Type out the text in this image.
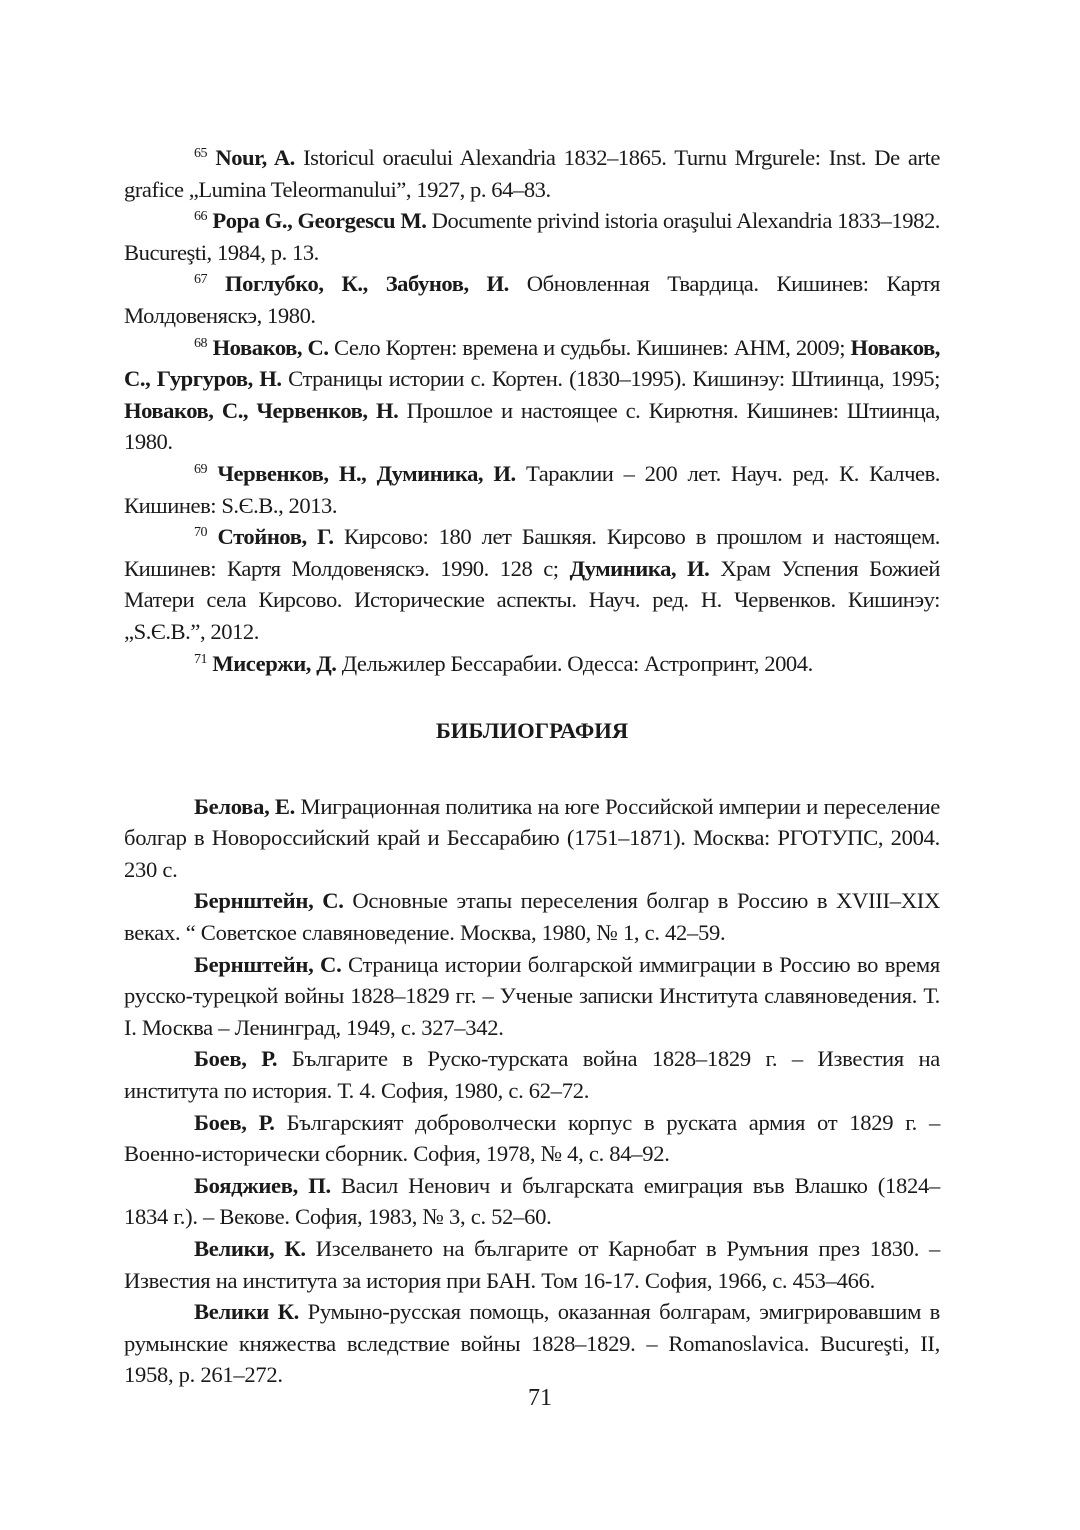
$^{65}$ Nour, A. Istoricul oraєului Alexandria 1832–1865. Turnu Mrgurele: Inst. De arte grafice „Lumina Teleormanului”, 1927, p. 64–83.

$^{66}$ Popa G., Georgescu M. Documente privind istoria oraşului Alexandria 1833–1982. Bucureşti, 1984, p. 13.

$^{67}$ Поглубко, К., Забунов, И. Обновленная Твардица. Кишинев: Картя Молдовеняскэ, 1980.

$^{68}$ Новаков, С. Село Кортен: времена и судьбы. Кишинев: АНМ, 2009; Новаков, С., Гургуров, Н. Страницы истории с. Кортен. (1830–1995). Кишинэу: Штиинца, 1995; Новаков, С., Червенков, Н. Прошлое и настоящее с. Кирютня. Кишинев: Штиинца, 1980.

$^{69}$ Червенков, Н., Думиника, И. Тараклии – 200 лет. Науч. ред. К. Калчев. Кишинев: S.Є.В., 2013.

$^{70}$ Стойнов, Г. Кирсово: 180 лет Башкяя. Кирсово в прошлом и настоящем. Кишинев: Картя Молдовеняскэ. 1990. 128 с; Думиника, И. Храм Успения Божией Матери села Кирсово. Исторические аспекты. Науч. ред. Н. Червенков. Кишинэу: „S.Є.В.”, 2012.

$^{71}$ Мисержи, Д. Дельжилер Бессарабии. Одесса: Астропринт, 2004.

БИБЛИОГРАФИЯ

Белова, Е. Миграционная политика на юге Российской империи и переселение болгар в Новороссийский край и Бессарабию (1751–1871). Москва: РГОТУПС, 2004. 230 с.

Бернштейн, С. Основные этапы переселения болгар в Россию в XVIII–XIX веках. “ Советское славяноведение. Москва, 1980, № 1, с. 42–59.

Бернштейн, С. Страница истории болгарской иммиграции в Россию во время русско-турецкой войны 1828–1829 гг. – Ученые записки Института славяноведения. Т. I. Москва – Ленинград, 1949, с. 327–342.

Боев, Р. Българите в Руско-турската война 1828–1829 г. – Известия на института по история. Т. 4. София, 1980, с. 62–72.

Боев, Р. Българският доброволчески корпус в руската армия от 1829 г. – Военно-исторически сборник. София, 1978, № 4, с. 84–92.

Бояджиев, П. Васил Ненович и българската емиграция във Влашко (1824–1834 г.). – Векове. София, 1983, № 3, с. 52–60.

Велики, К. Изселването на българите от Карнобат в Румъния през 1830. – Известия на института за история при БАН. Том 16-17. София, 1966, с. 453–466.

Велики К. Румыно-русская помощь, оказанная болгарам, эмигрировавшим в румынские княжества вследствие войны 1828–1829. – Romanoslavica. Bucureşti, II, 1958, p. 261–272.

71
